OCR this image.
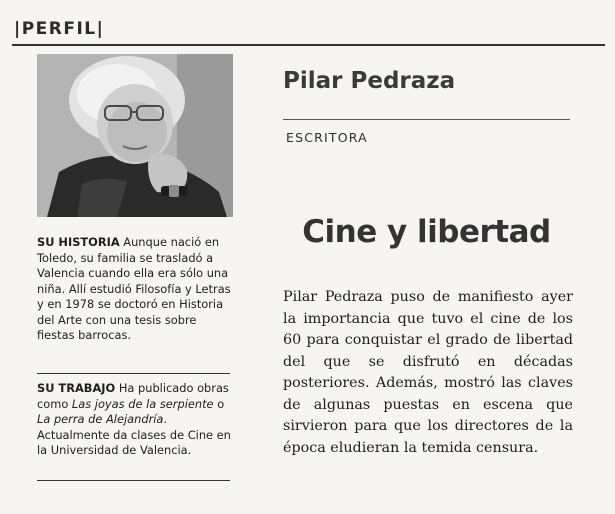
|PERFIL|
Pilar Pedraza
ESCRITORA

SU HISTORIA Aunque nació en Toledo, su familia se trasladó a Valencia cuando ella era sólo una niña. Allí estudió Filosofía y Letras y en 1978 se doctoró en Historia del Arte con una tesis sobre fiestas barrocas.

SU TRABAJO Ha publicado obras como Las joyas de la serpiente o La perra de Alejandría. Actualmente da clases de Cine en la Universidad de Valencia.

Cine y libertad

Pilar Pedraza puso de manifiesto ayer la importancia que tuvo el cine de los 60 para conquistar el grado de libertad del que se disfrutó en décadas posteriores. Además, mostró las claves de algunas puestas en escena que sirvieron para que los directores de la época eludieran la temida censura.
